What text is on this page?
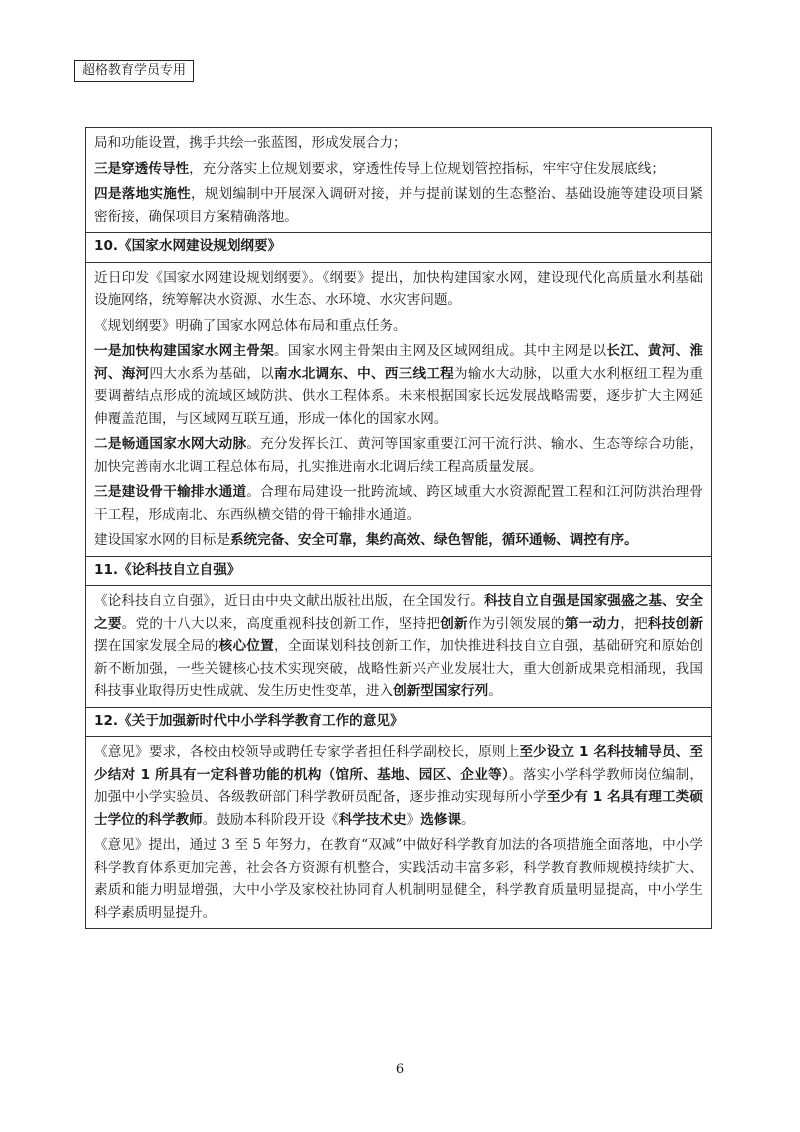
超格教育学员专用
局和功能设置，携手共绘一张蓝图，形成发展合力；
三是穿透传导性，充分落实上位规划要求，穿透性传导上位规划管控指标，牢牢守住发展底线；
四是落地实施性，规划编制中开展深入调研对接，并与提前谋划的生态整治、基础设施等建设项目紧密衔接，确保项目方案精确落地。

10.《国家水网建设规划纲要》

近日印发《国家水网建设规划纲要》。《纲要》提出，加快构建国家水网，建设现代化高质量水利基础设施网络，统筹解决水资源、水生态、水环境、水灾害问题。
《规划纲要》明确了国家水网总体布局和重点任务。
一是加快构建国家水网主骨架。国家水网主骨架由主网及区域网组成。其中主网是以长江、黄河、淮河、海河四大水系为基础，以南水北调东、中、西三线工程为输水大动脉，以重大水利枢纽工程为重要调蓄结点形成的流域区域防洪、供水工程体系。未来根据国家长远发展战略需要，逐步扩大主网延伸覆盖范围，与区域网互联互通，形成一体化的国家水网。
二是畅通国家水网大动脉。充分发挥长江、黄河等国家重要江河干流行洪、输水、生态等综合功能，加快完善南水北调工程总体布局，扎实推进南水北调后续工程高质量发展。
三是建设骨干输排水通道。合理布局建设一批跨流域、跨区域重大水资源配置工程和江河防洪治理骨干工程，形成南北、东西纵横交错的骨干输排水通道。
建设国家水网的目标是系统完备、安全可靠，集约高效、绿色智能，循环通畅、调控有序。

11.《论科技自立自强》

《论科技自立自强》，近日由中央文献出版社出版，在全国发行。科技自立自强是国家强盛之基、安全之要。党的十八大以来，高度重视科技创新工作，坚持把创新作为引领发展的第一动力，把科技创新摆在国家发展全局的核心位置，全面谋划科技创新工作，加快推进科技自立自强，基础研究和原始创新不断加强，一些关键核心技术实现突破，战略性新兴产业发展壮大，重大创新成果竞相涌现，我国科技事业取得历史性成就、发生历史性变革，进入创新型国家行列。

12.《关于加强新时代中小学科学教育工作的意见》

《意见》要求，各校由校领导或聘任专家学者担任科学副校长，原则上至少设立 1 名科技辅导员、至少结对 1 所具有一定科普功能的机构（馆所、基地、园区、企业等）。落实小学科学教师岗位编制，加强中小学实验员、各级教研部门科学教研员配备，逐步推动实现每所小学至少有 1 名具有理工类硕士学位的科学教师。鼓励本科阶段开设《科学技术史》选修课。
《意见》提出，通过 3 至 5 年努力，在教育“双减”中做好科学教育加法的各项措施全面落地，中小学科学教育体系更加完善，社会各方资源有机整合，实践活动丰富多彩，科学教育教师规模持续扩大、素质和能力明显增强，大中小学及家校社协同育人机制明显健全，科学教育质量明显提高，中小学生科学素质明显提升。
6
